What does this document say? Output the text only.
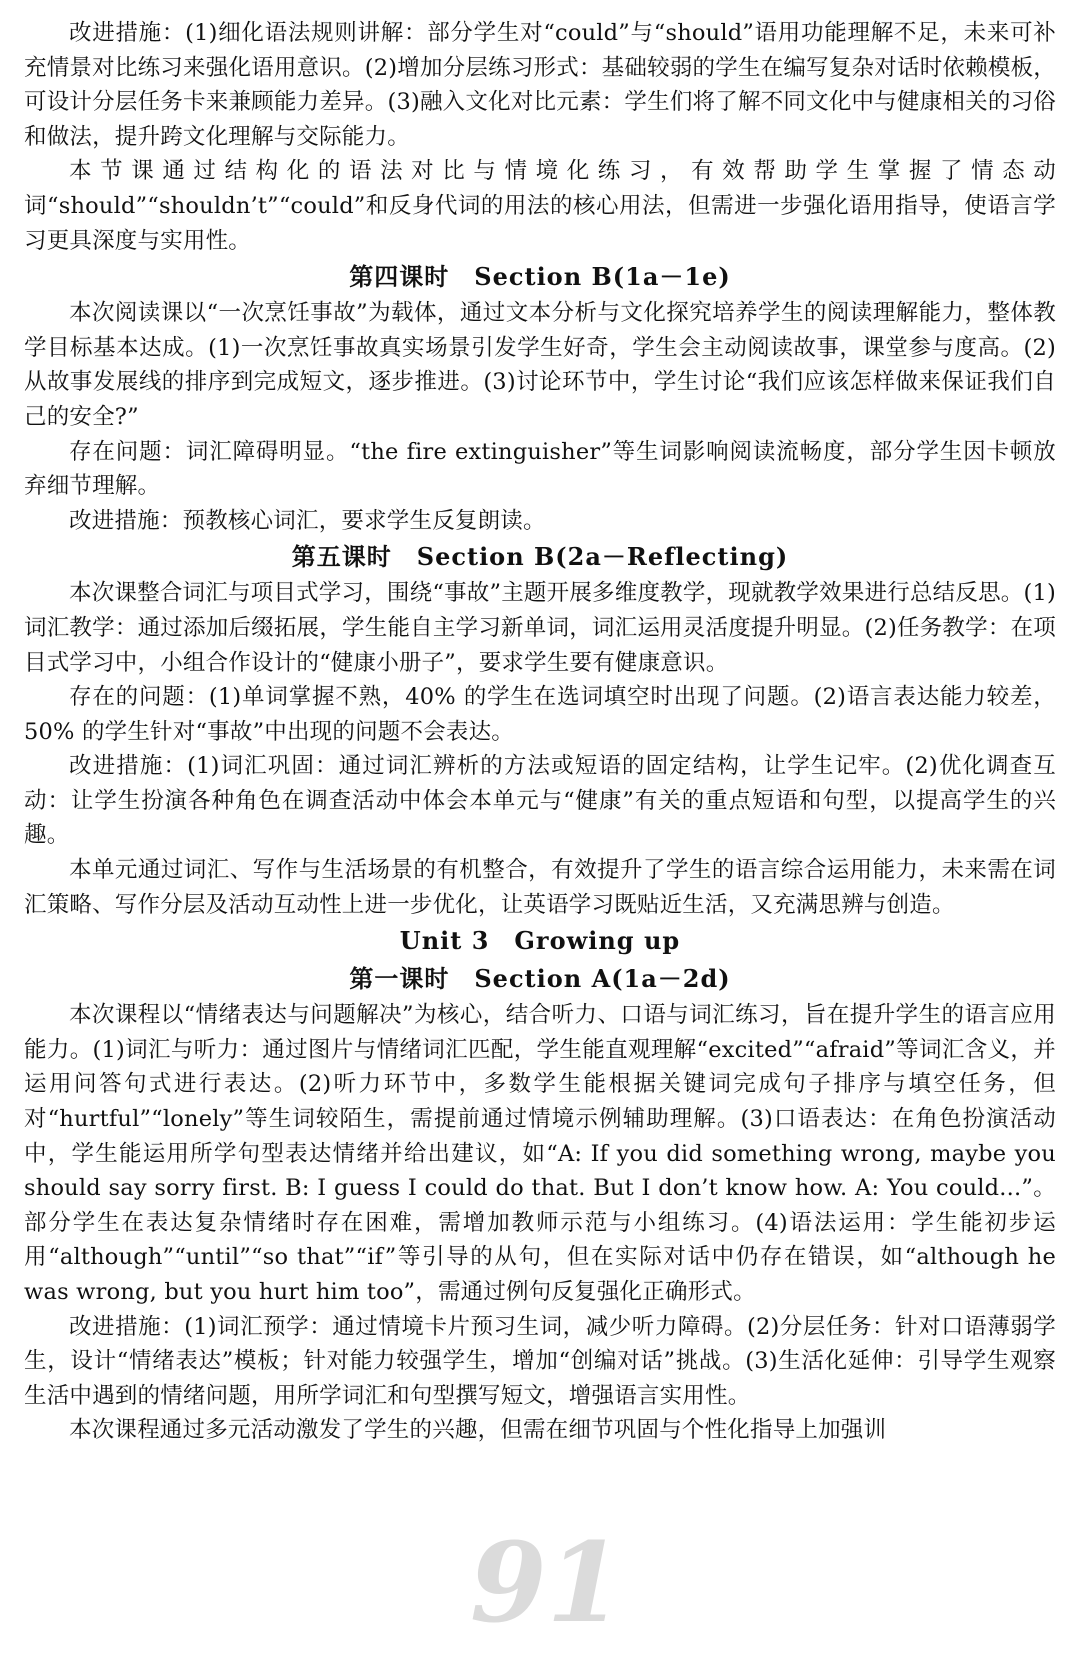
91

改进措施：(1)细化语法规则讲解：部分学生对“could”与“should”语用功能理解不足，未来可补充情景对比练习来强化语用意识。(2)增加分层练习形式：基础较弱的学生在编写复杂对话时依赖模板，可设计分层任务卡来兼顾能力差异。(3)融入文化对比元素：学生们将了解不同文化中与健康相关的习俗和做法，提升跨文化理解与交际能力。

本节课通过结构化的语法对比与情境化练习，有效帮助学生掌握了情态动词“should”“shouldn’t”“could”和反身代词的用法的核心用法，但需进一步强化语用指导，使语言学习更具深度与实用性。

第四课时　Section B(1a－1e)

本次阅读课以“一次烹饪事故”为载体，通过文本分析与文化探究培养学生的阅读理解能力，整体教学目标基本达成。(1)一次烹饪事故真实场景引发学生好奇，学生会主动阅读故事，课堂参与度高。(2)从故事发展线的排序到完成短文，逐步推进。(3)讨论环节中，学生讨论“我们应该怎样做来保证我们自己的安全?”

存在问题：词汇障碍明显。“the fire extinguisher”等生词影响阅读流畅度，部分学生因卡顿放弃细节理解。

改进措施：预教核心词汇，要求学生反复朗读。

第五课时　Section B(2a－Reflecting)

本次课整合词汇与项目式学习，围绕“事故”主题开展多维度教学，现就教学效果进行总结反思。(1)词汇教学：通过添加后缀拓展，学生能自主学习新单词，词汇运用灵活度提升明显。(2)任务教学：在项目式学习中，小组合作设计的“健康小册子”，要求学生要有健康意识。

存在的问题：(1)单词掌握不熟，40% 的学生在选词填空时出现了问题。(2)语言表达能力较差，50% 的学生针对“事故”中出现的问题不会表达。

改进措施：(1)词汇巩固：通过词汇辨析的方法或短语的固定结构，让学生记牢。(2)优化调查互动：让学生扮演各种角色在调查活动中体会本单元与“健康”有关的重点短语和句型，以提高学生的兴趣。

本单元通过词汇、写作与生活场景的有机整合，有效提升了学生的语言综合运用能力，未来需在词汇策略、写作分层及活动互动性上进一步优化，让英语学习既贴近生活，又充满思辨与创造。

Unit 3　Growing up
第一课时　Section A(1a－2d)

本次课程以“情绪表达与问题解决”为核心，结合听力、口语与词汇练习，旨在提升学生的语言应用能力。(1)词汇与听力：通过图片与情绪词汇匹配，学生能直观理解“excited”“afraid”等词汇含义，并运用问答句式进行表达。(2)听力环节中，多数学生能根据关键词完成句子排序与填空任务，但对“hurtful”“lonely”等生词较陌生，需提前通过情境示例辅助理解。(3)口语表达：在角色扮演活动中，学生能运用所学句型表达情绪并给出建议，如“A: If you did something wrong, maybe you should say sorry first. B: I guess I could do that. But I don’t know how. A: You could...”。部分学生在表达复杂情绪时存在困难，需增加教师示范与小组练习。(4)语法运用：学生能初步运用“although”“until”“so that”“if”等引导的从句，但在实际对话中仍存在错误，如“although he was wrong, but you hurt him too”，需通过例句反复强化正确形式。

改进措施：(1)词汇预学：通过情境卡片预习生词，减少听力障碍。(2)分层任务：针对口语薄弱学生，设计“情绪表达”模板；针对能力较强学生，增加“创编对话”挑战。(3)生活化延伸：引导学生观察生活中遇到的情绪问题，用所学词汇和句型撰写短文，增强语言实用性。

本次课程通过多元活动激发了学生的兴趣，但需在细节巩固与个性化指导上加强训
